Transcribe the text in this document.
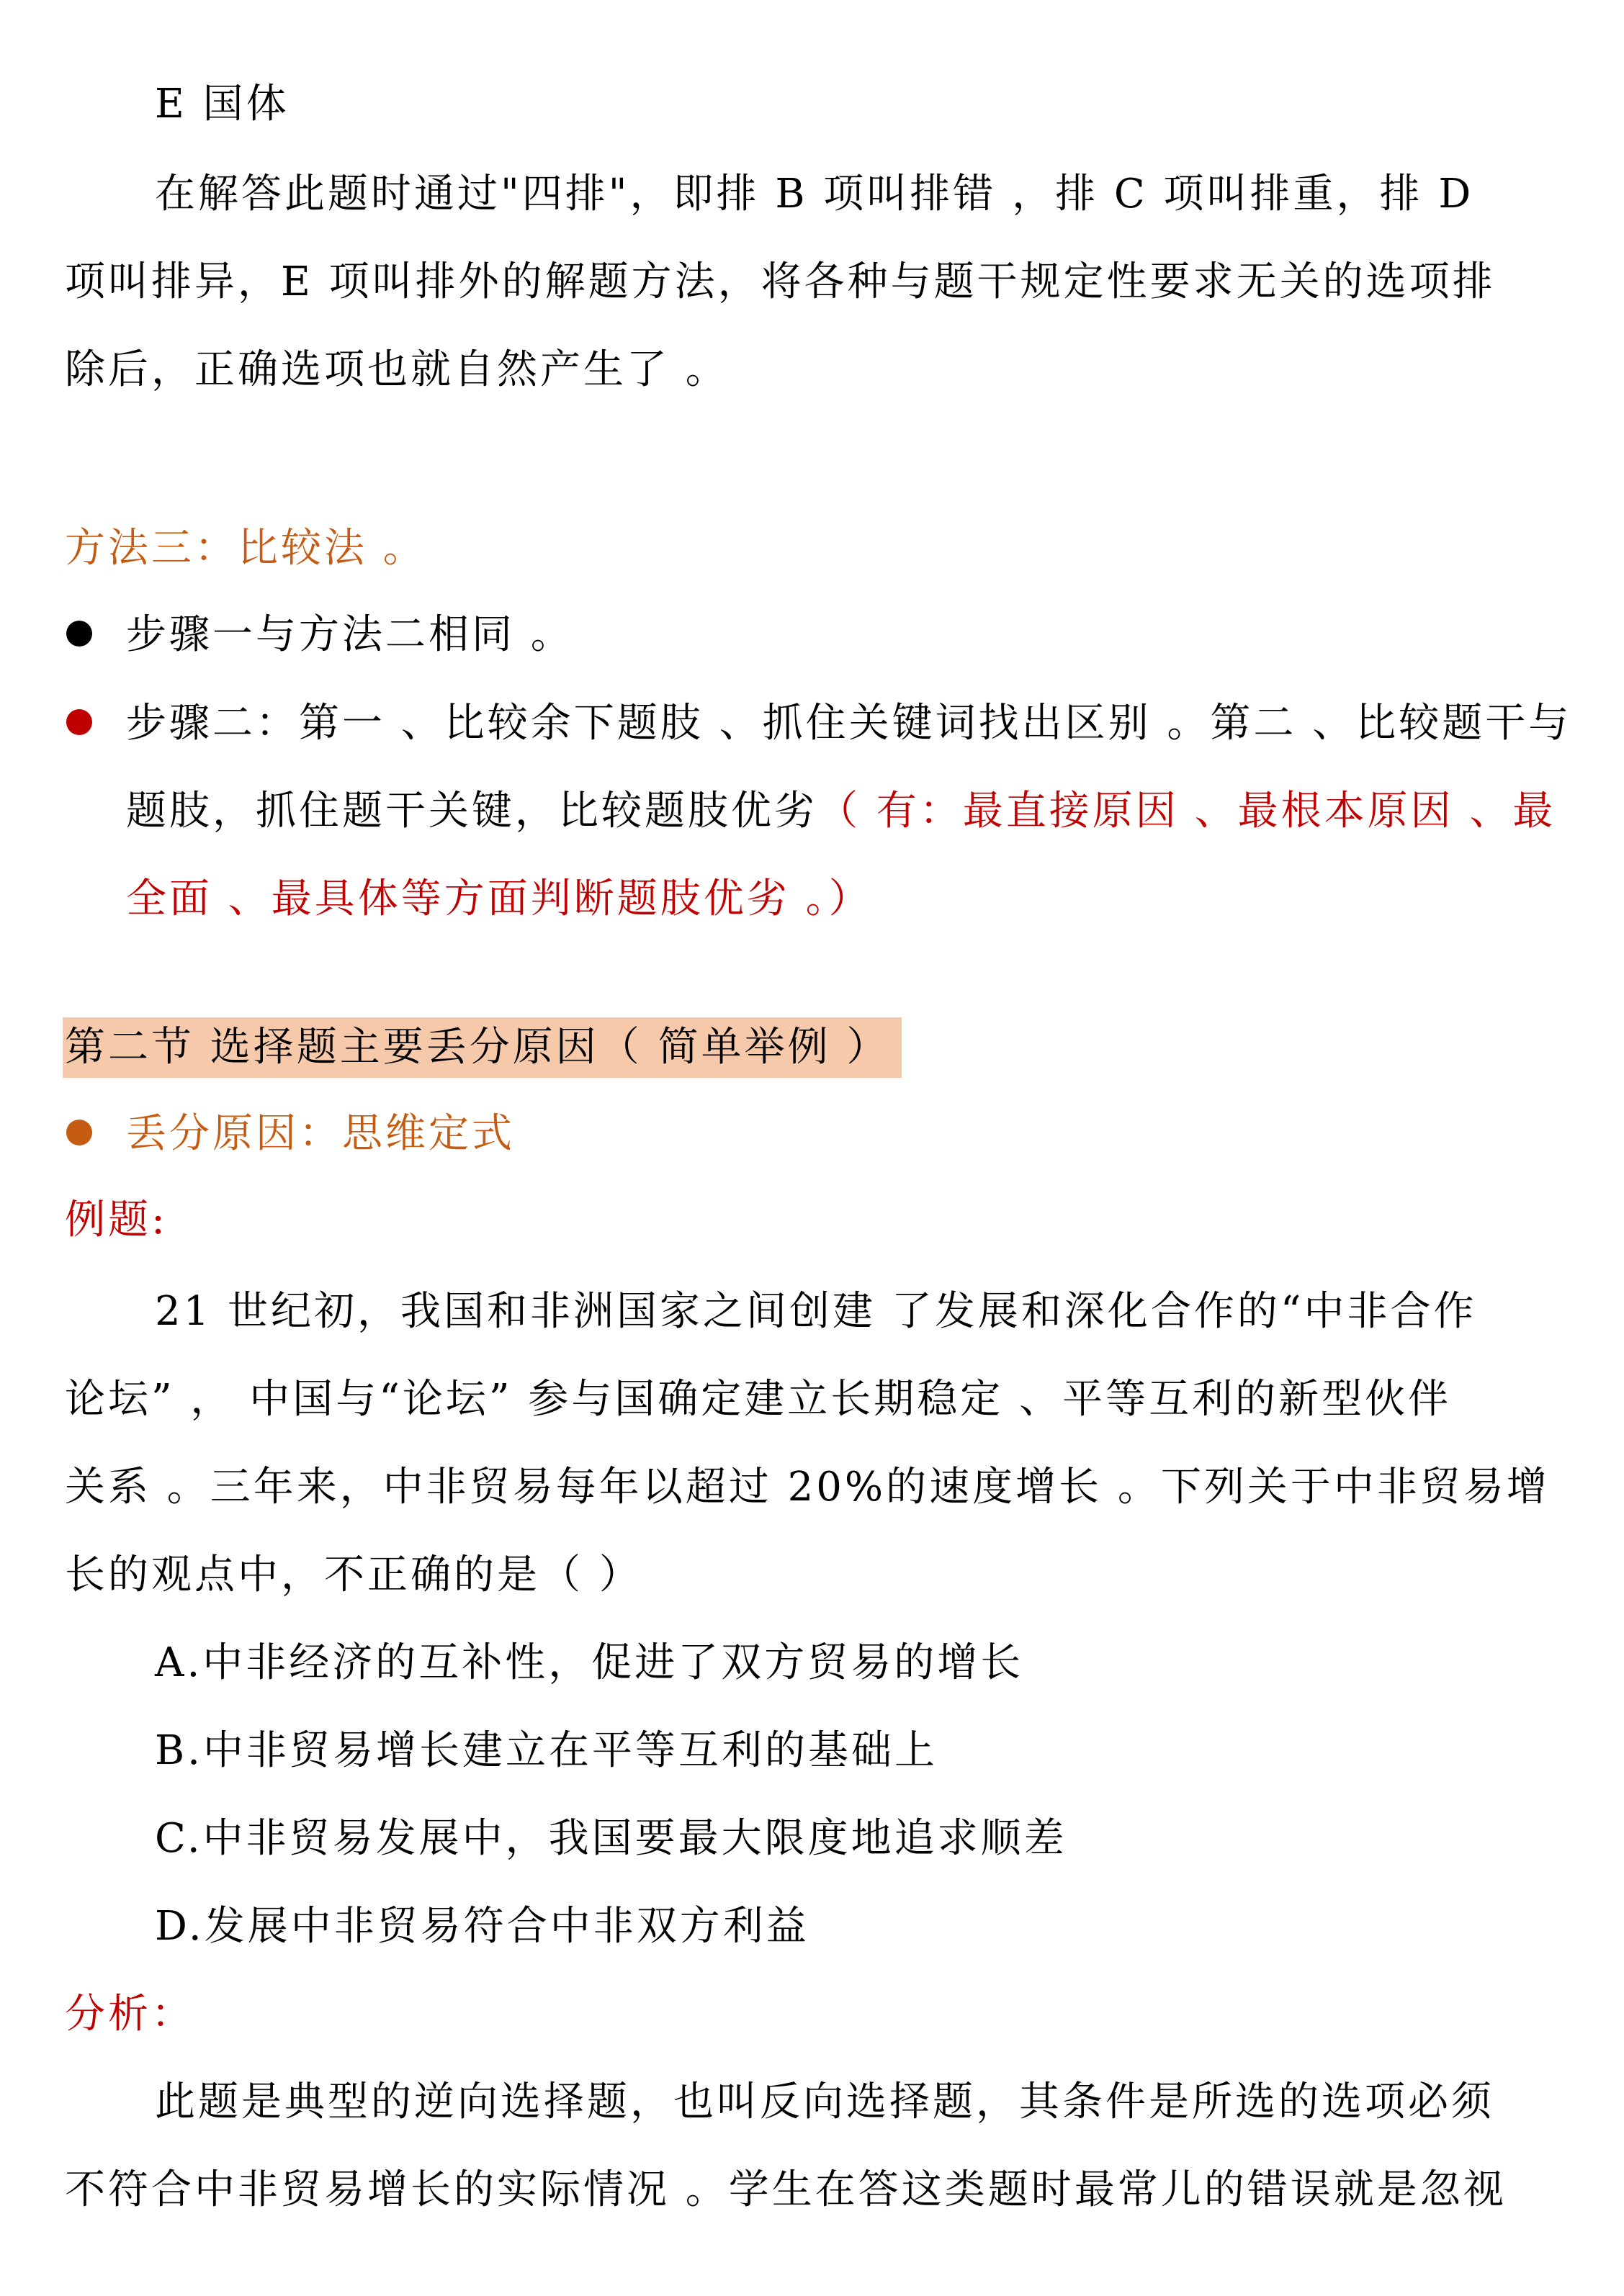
E 国体
在解答此题时通过"四排"，即排 B 项叫排错 ，排 C 项叫排重，排 D
项叫排异，E 项叫排外的解题方法，将各种与题干规定性要求无关的选项排
除后，正确选项也就自然产生了 。
方法三：比较法 。
步骤一与方法二相同 。
步骤二：第一 、比较余下题肢 、抓住关键词找出区别 。第二 、比较题干与
题肢，抓住题干关键，比较题肢优劣（ 有：最直接原因 、最根本原因 、最
全面 、最具体等方面判断题肢优劣 。）
第二节 选择题主要丢分原因（ 简单举例 ）
丢分原因：思维定式
例题:
21 世纪初，我国和非洲国家之间创建 了发展和深化合作的“中非合作
论坛” ， 中国与“论坛” 参与国确定建立长期稳定 、平等互利的新型伙伴
关系 。三年来，中非贸易每年以超过 20%的速度增长 。下列关于中非贸易增
长的观点中，不正确的是（ ）
A.中非经济的互补性，促进了双方贸易的增长
B.中非贸易增长建立在平等互利的基础上
C.中非贸易发展中，我国要最大限度地追求顺差
D.发展中非贸易符合中非双方利益
分析：
此题是典型的逆向选择题，也叫反向选择题，其条件是所选的选项必须
不符合中非贸易增长的实际情况 。学生在答这类题时最常儿的错误就是忽视
